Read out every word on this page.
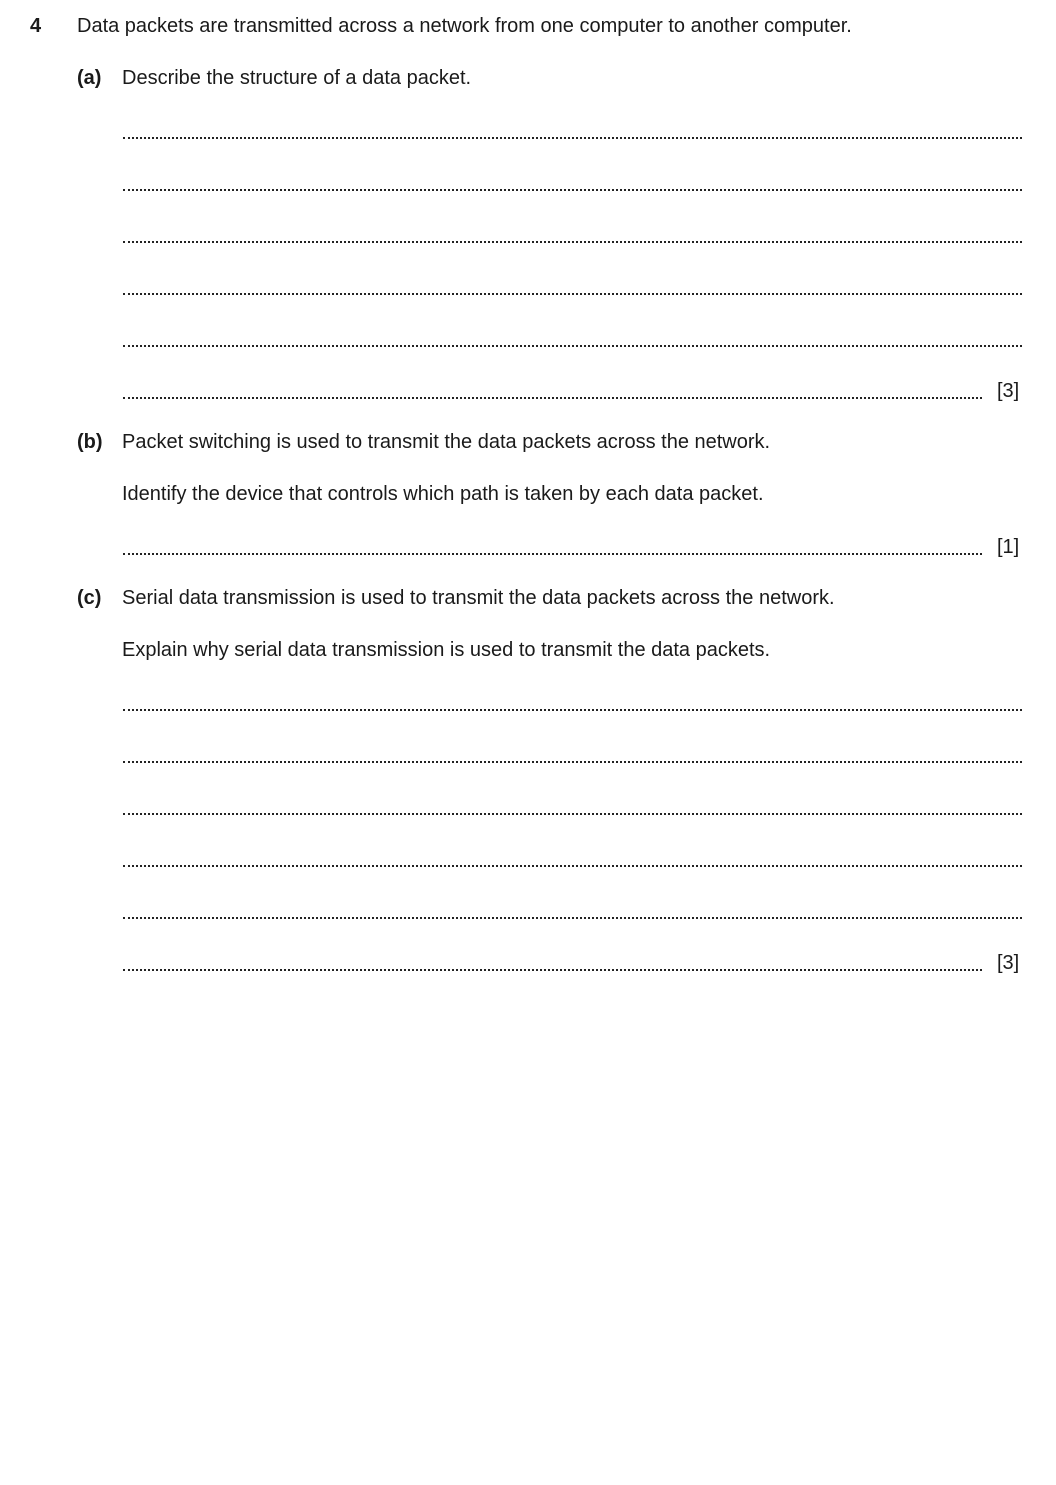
4 Data packets are transmitted across a network from one computer to another computer.
(a) Describe the structure of a data packet.
[3]
(b) Packet switching is used to transmit the data packets across the network.
Identify the device that controls which path is taken by each data packet.
[1]
(c) Serial data transmission is used to transmit the data packets across the network.
Explain why serial data transmission is used to transmit the data packets.
[3]
